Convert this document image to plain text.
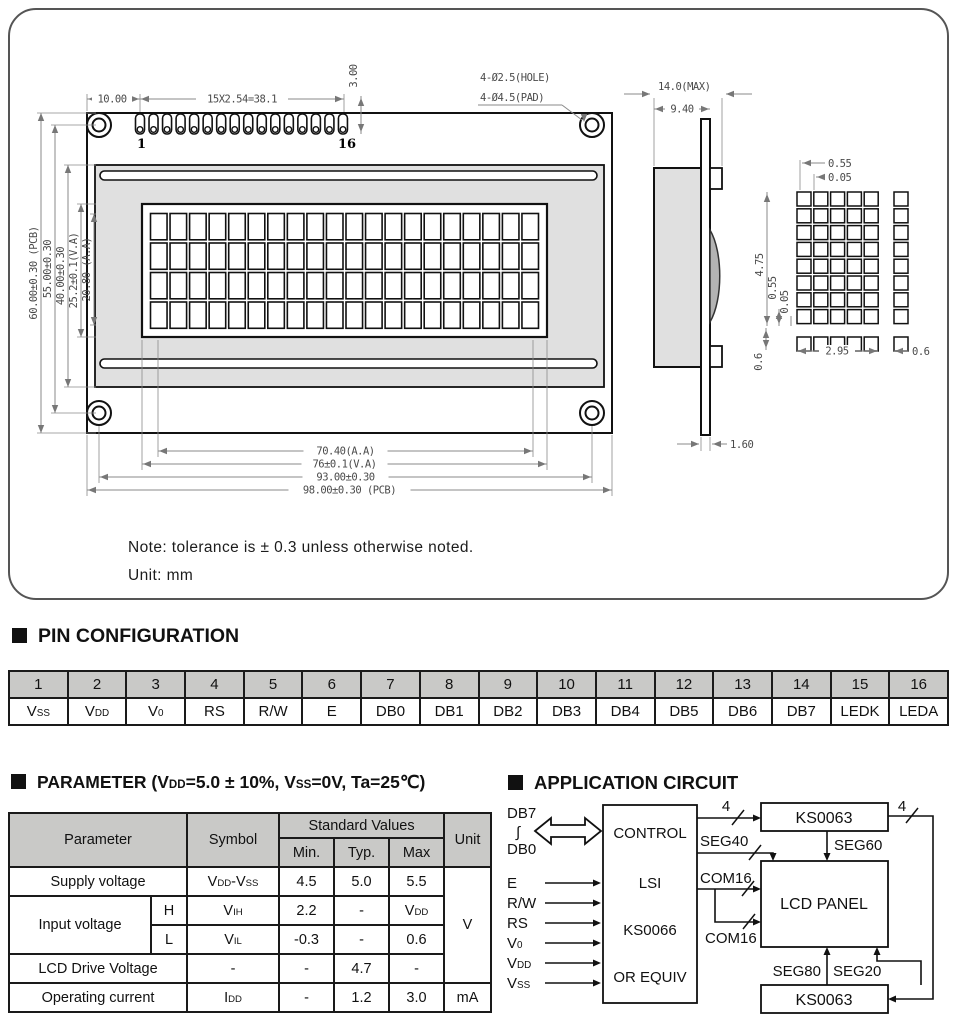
1	16
60.00±0.30 (PCB) 55.00±0.30 40.00±0.30 25.2±0.1(V.A) 20.80 (A.A)
10.00	15X2.54=38.1
3.00	4-Ø2.5(HOLE)
4-Ø4.5(PAD)
70.40(A.A)
76±0.1(V.A)
93.00±0.30
98.00±0.30 (PCB)
14.0(MAX)
9.40
1.60
0.55
0.05
4.75
0.55
0.05
0.6
2.95	0.6
Note: tolerance is ± 0.3 unless otherwise noted.
Unit: mm
PIN CONFIGURATION
1	2	3	4	5	6	7	8	9	10	11	12	13	14	15	16
VSS	VDD	V0	RS	R/W	E	DB0	DB1	DB2	DB3	DB4	DB5	DB6	DB7	LEDK	LEDA
PARAMETER (VDD=5.0 ± 10%, VSS=0V, Ta=25℃)
Parameter		Symbol	Standard Values			Unit
			Min.	Typ.	Max	
Supply voltage		VDD-VSS	4.5	5.0	5.5	V
Input voltage	H	VIH	2.2	-	VDD	
	L	VIL	-0.3	-	0.6	
LCD Drive Voltage		-	-	4.7	-	
Operating current		IDD	-	1.2	3.0	mA
APPLICATION CIRCUIT
DB7
∫
DB0
E
R/W
RS
V0
VDD
VSS
CONTROL
LSI
KS0066
OR EQUIV
KS0063
LCD PANEL
KS0063
4	4
SEG40	SEG60
COM16
COM16
SEG80 SEG20
